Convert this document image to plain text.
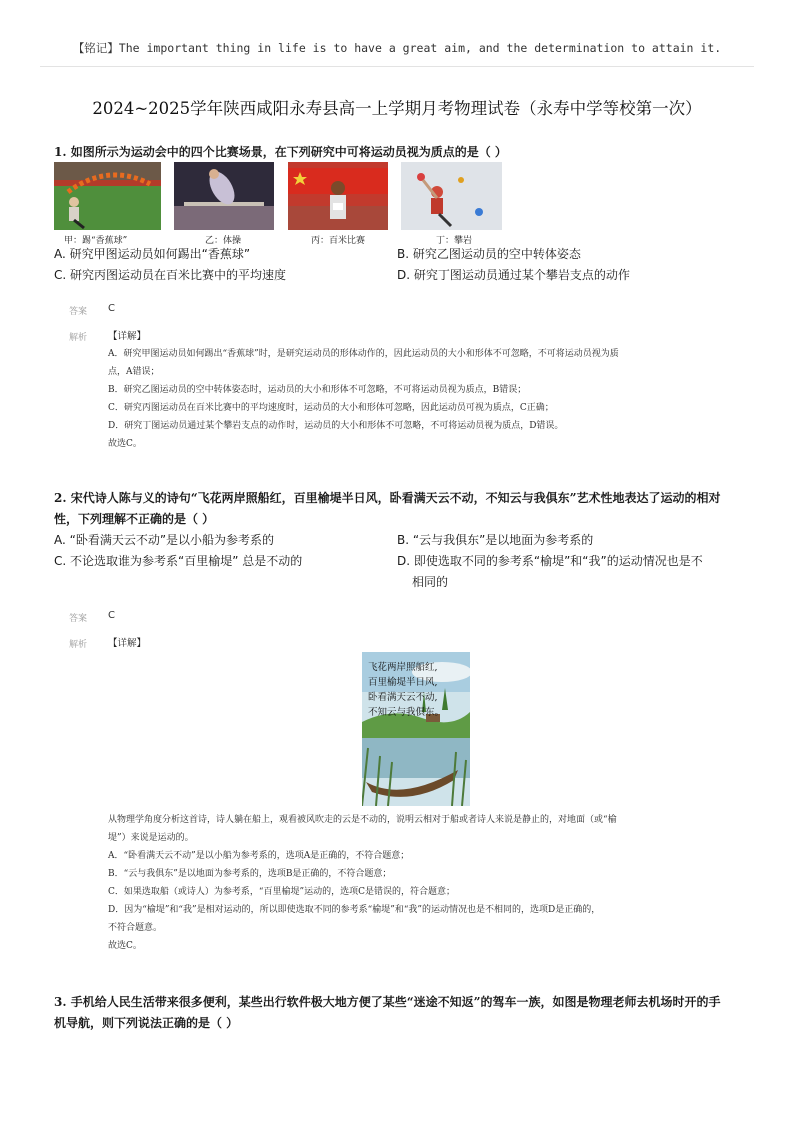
【铭记】The important thing in life is to have a great aim, and the determination to attain it.
2024~2025学年陕西咸阳永寿县高一上学期月考物理试卷（永寿中学等校第一次）
1. 如图所示为运动会中的四个比赛场景，在下列研究中可将运动员视为质点的是（ ）
甲：踢“香蕉球”	乙：体操	丙：百米比赛	丁：攀岩
A. 研究甲图运动员如何踢出“香蕉球”	B. 研究乙图运动员的空中转体姿态
C. 研究丙图运动员在百米比赛中的平均速度	D. 研究丁图运动员通过某个攀岩支点的动作
答案 C
解析 【详解】
A．研究甲图运动员如何踢出“香蕉球”时，是研究运动员的形体动作的，因此运动员的大小和形体不可忽略，不可将运动员视为质
点，A错误；
B．研究乙图运动员的空中转体姿态时，运动员的大小和形体不可忽略，不可将运动员视为质点，B错误；
C．研究丙图运动员在百米比赛中的平均速度时，运动员的大小和形体可忽略，因此运动员可视为质点，C正确；
D．研究丁图运动员通过某个攀岩支点的动作时，运动员的大小和形体不可忽略，不可将运动员视为质点，D错误。
故选C。
2. 宋代诗人陈与义的诗句“飞花两岸照船红，百里榆堤半日风，卧看满天云不动，不知云与我俱东”艺术性地表达了运动的相对
性，下列理解不正确的是（ ）
A. “卧看满天云不动”是以小船为参考系的	B. “云与我俱东”是以地面为参考系的
C. 不论选取谁为参考系“百里榆堤” 总是不动的	D. 即使选取不同的参考系“榆堤”和“我”的运动情况也是不
相同的
答案 C
解析 【详解】
飞花两岸照船红,
百里榆堤半日风,
卧看满天云不动,
不知云与我俱东。
从物理学角度分析这首诗，诗人躺在船上，观看被风吹走的云是不动的，说明云相对于船或者诗人来说是静止的，对地面（或“榆
堤”）来说是运动的。
A．“卧看满天云不动”是以小船为参考系的，选项A是正确的，不符合题意；
B．“云与我俱东”是以地面为参考系的，选项B是正确的，不符合题意；
C．如果选取船（或诗人）为参考系，“百里榆堤”运动的，选项C是错误的，符合题意；
D．因为“榆堤”和“我”是相对运动的，所以即使选取不同的参考系“榆堤”和“我”的运动情况也是不相同的，选项D是正确的，
不符合题意。
故选C。
3. 手机给人民生活带来很多便利，某些出行软件极大地方便了某些“迷途不知返”的驾车一族，如图是物理老师去机场时开的手
机导航，则下列说法正确的是（ ）
